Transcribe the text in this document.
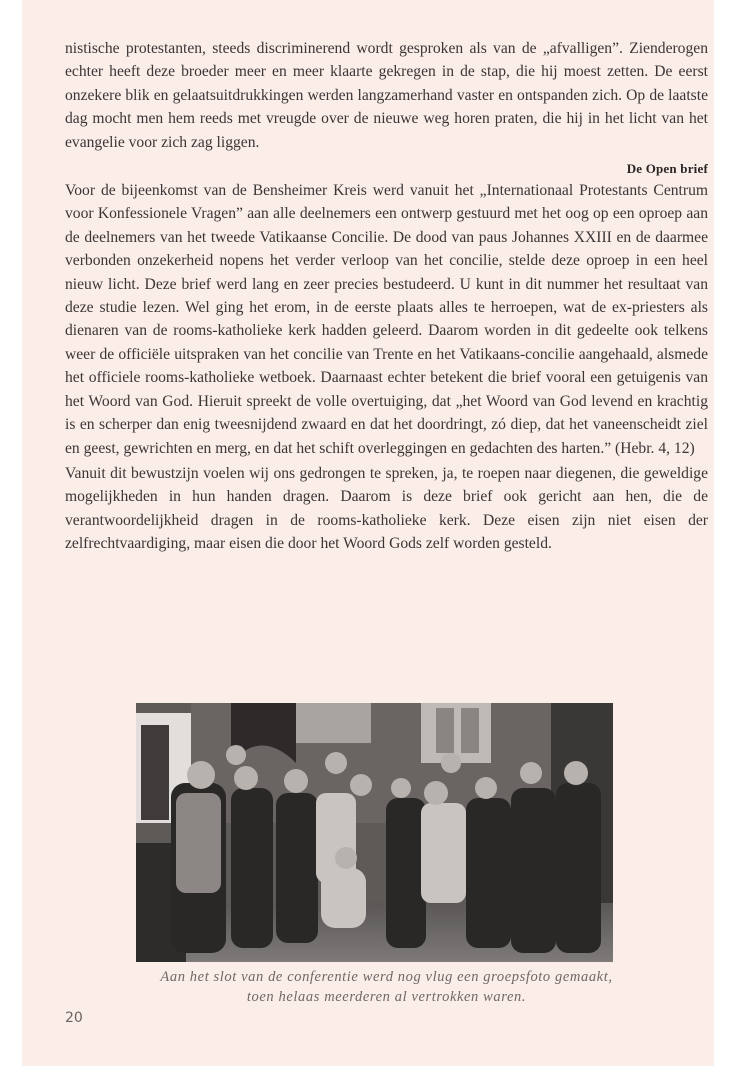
nistische protestanten, steeds discriminerend wordt gesproken als van de „afvalligen”. Zienderogen echter heeft deze broeder meer en meer klaarte gekregen in de stap, die hij moest zetten. De eerst onzekere blik en gelaatsuitdrukkingen werden langzamerhand vaster en ontspanden zich. Op de laatste dag mocht men hem reeds met vreugde over de nieuwe weg horen praten, die hij in het licht van het evangelie voor zich zag liggen.

De Open brief

Voor de bijeenkomst van de Bensheimer Kreis werd vanuit het „Internationaal Protestants Centrum voor Konfessionele Vragen” aan alle deelnemers een ontwerp gestuurd met het oog op een oproep aan de deelnemers van het tweede Vatikaanse Concilie. De dood van paus Johannes XXIII en de daarmee verbonden onzekerheid nopens het verder verloop van het concilie, stelde deze oproep in een heel nieuw licht. Deze brief werd lang en zeer precies bestudeerd. U kunt in dit nummer het resultaat van deze studie lezen. Wel ging het erom, in de eerste plaats alles te herroepen, wat de ex-priesters als dienaren van de rooms-katholieke kerk hadden geleerd. Daarom worden in dit gedeelte ook telkens weer de officiële uitspraken van het concilie van Trente en het Vatikaans-concilie aangehaald, alsmede het officiele rooms-katholieke wetboek. Daarnaast echter betekent die brief vooral een getuigenis van het Woord van God. Hieruit spreekt de volle overtuiging, dat „het Woord van God levend en krachtig is en scherper dan enig tweesnijdend zwaard en dat het doordringt, zó diep, dat het vaneenscheidt ziel en geest, gewrichten en merg, en dat het schift overleggingen en gedachten des harten.” (Hebr. 4, 12)

Vanuit dit bewustzijn voelen wij ons gedrongen te spreken, ja, te roepen naar diegenen, die geweldige mogelijkheden in hun handen dragen. Daarom is deze brief ook gericht aan hen, die de verantwoordelijkheid dragen in de rooms-katholieke kerk. Deze eisen zijn niet eisen der zelfrechtvaardiging, maar eisen die door het Woord Gods zelf worden gesteld.

Aan het slot van de conferentie werd nog vlug een groepsfoto gemaakt,
toen helaas meerderen al vertrokken waren.
20
